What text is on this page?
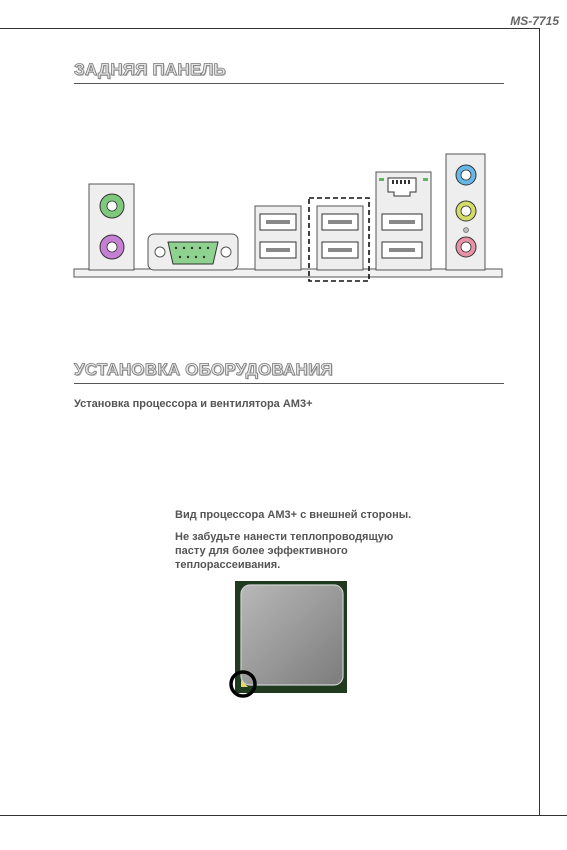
MS-7715
ЗАДНЯЯ ПАНЕЛЬ
УСТАНОВКА ОБОРУДОВАНИЯ
Установка процессора и вентилятора AM3+
Вид процессора AM3+ с внешней стороны.
Не забудьте нанести теплопроводящую пасту для более эффективного теплорассеивания.
